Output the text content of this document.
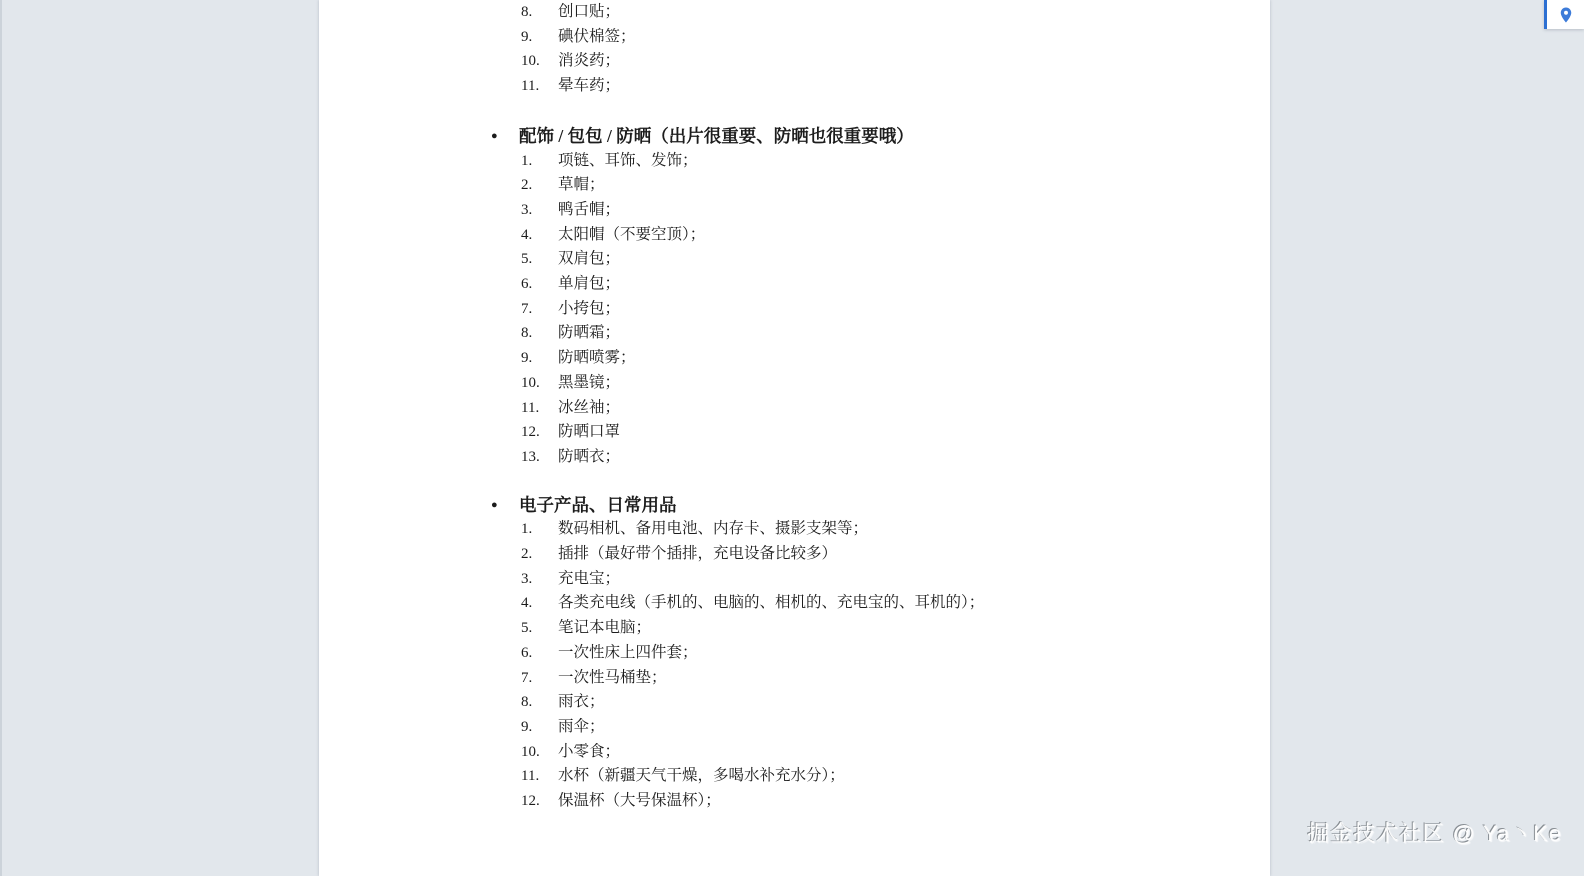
8.	创口贴；
9.	碘伏棉签；
10.	消炎药；
11.	晕车药；
●	配饰 / 包包 / 防晒（出片很重要、防晒也很重要哦）
1.	项链、耳饰、发饰；
2.	草帽；
3.	鸭舌帽；
4.	太阳帽（不要空顶）；
5.	双肩包；
6.	单肩包；
7.	小挎包；
8.	防晒霜；
9.	防晒喷雾；
10.	黑墨镜；
11.	冰丝袖；
12.	防晒口罩
13.	防晒衣；
●	电子产品、日常用品
1.	数码相机、备用电池、内存卡、摄影支架等；
2.	插排（最好带个插排，充电设备比较多）
3.	充电宝；
4.	各类充电线（手机的、电脑的、相机的、充电宝的、耳机的）；
5.	笔记本电脑；
6.	一次性床上四件套；
7.	一次性马桶垫；
8.	雨衣；
9.	雨伞；
10.	小零食；
11.	水杯（新疆天气干燥，多喝水补充水分）；
12.	保温杯（大号保温杯）；
掘金技术社区 @ Ya丶Ke
